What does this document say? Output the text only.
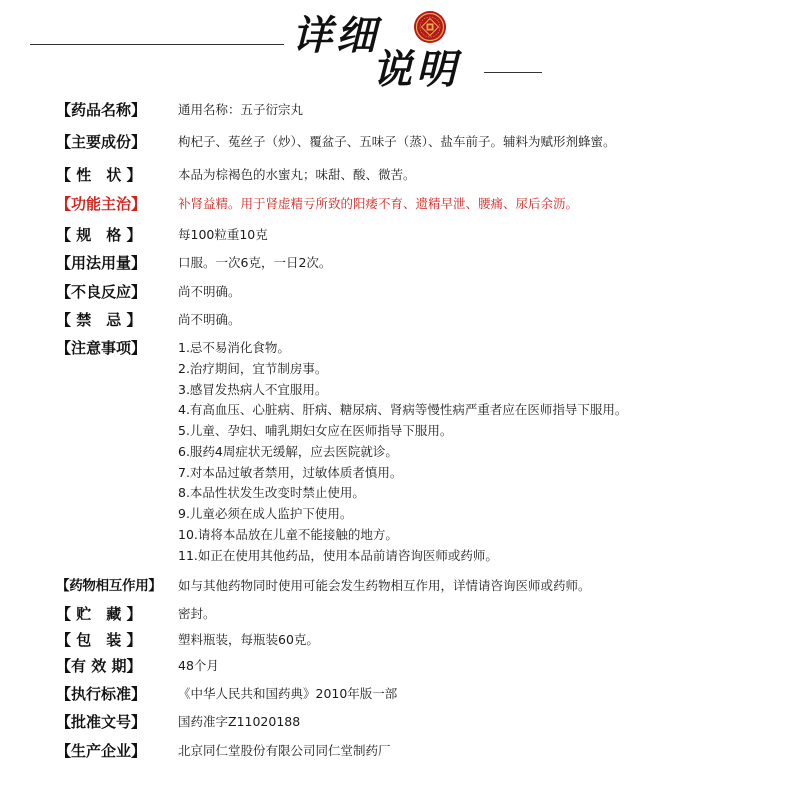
详细
说明
【药品名称】	通用名称：五子衍宗丸
【主要成份】	枸杞子、菟丝子（炒）、覆盆子、五味子（蒸）、盐车前子。辅料为赋形剂蜂蜜。
【 性　状 】	本品为棕褐色的水蜜丸；味甜、酸、微苦。
【功能主治】	补肾益精。用于肾虚精亏所致的阳痿不育、遗精早泄、腰痛、尿后余沥。
【 规　格 】	每100粒重10克
【用法用量】	口服。一次6克，一日2次。
【不良反应】	尚不明确。
【 禁　忌 】	尚不明确。
【注意事项】	1.忌不易消化食物。
2.治疗期间，宜节制房事。
3.感冒发热病人不宜服用。
4.有高血压、心脏病、肝病、糖尿病、肾病等慢性病严重者应在医师指导下服用。
5.儿童、孕妇、哺乳期妇女应在医师指导下服用。
6.服药4周症状无缓解，应去医院就诊。
7.对本品过敏者禁用，过敏体质者慎用。
8.本品性状发生改变时禁止使用。
9.儿童必须在成人监护下使用。
10.请将本品放在儿童不能接触的地方。
11.如正在使用其他药品，使用本品前请咨询医师或药师。
【药物相互作用】	如与其他药物同时使用可能会发生药物相互作用，详情请咨询医师或药师。
【 贮　藏 】	密封。
【 包　装 】	塑料瓶装，每瓶装60克。
【有 效 期】	48个月
【执行标准】	《中华人民共和国药典》2010年版一部
【批准文号】	国药准字Z11020188
【生产企业】	北京同仁堂股份有限公司同仁堂制药厂
